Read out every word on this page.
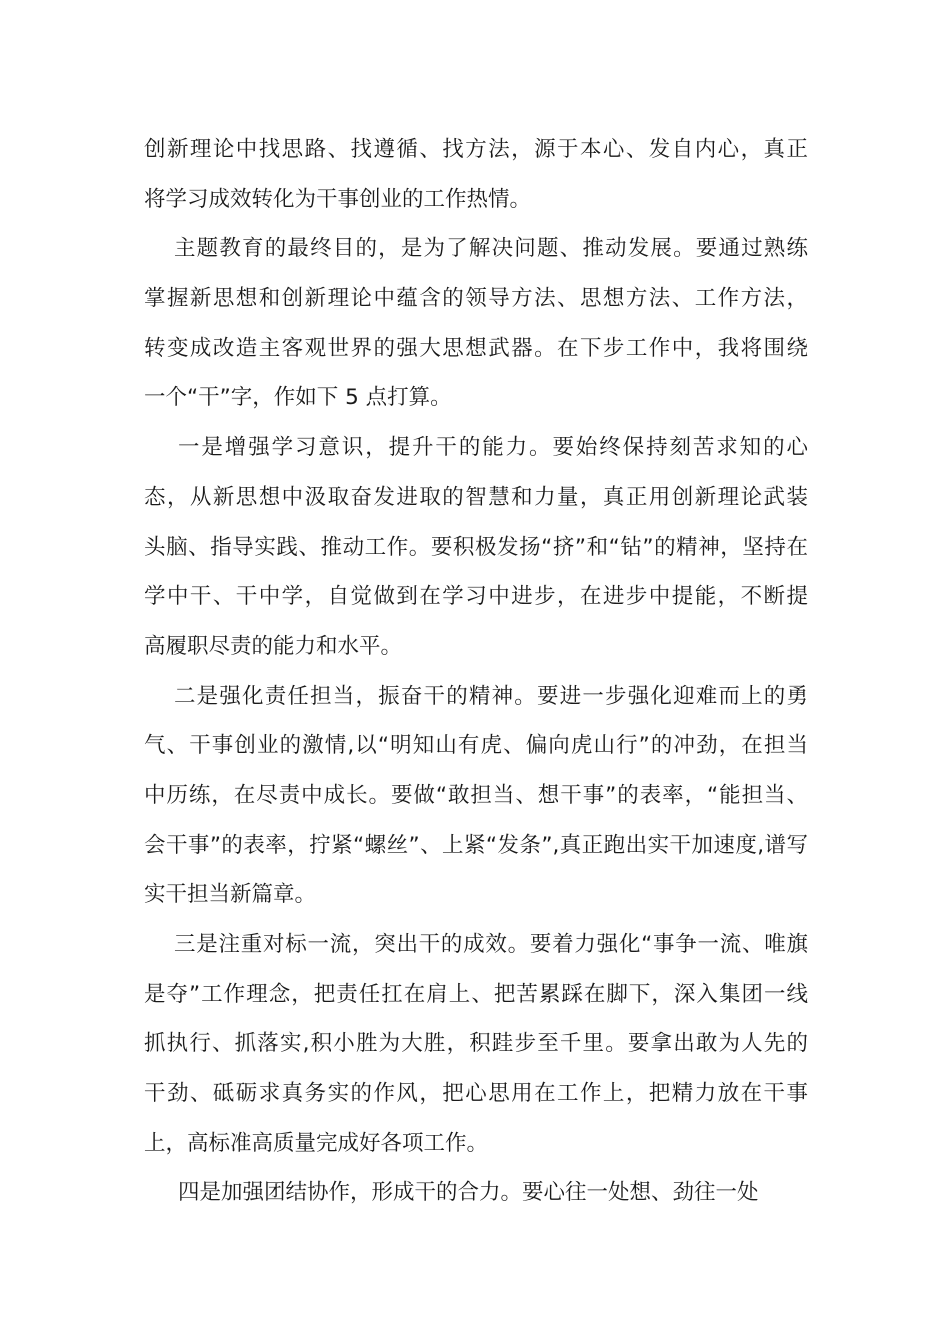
创新理论中找思路、找遵循、找方法，源于本心、发自内心，真正
将学习成效转化为干事创业的工作热情。
主题教育的最终目的，是为了解决问题、推动发展。要通过熟练
掌握新思想和创新理论中蕴含的领导方法、思想方法、工作方法，
转变成改造主客观世界的强大思想武器。在下步工作中，我将围绕
一个“干”字，作如下 5 点打算。
一是增强学习意识，提升干的能力。要始终保持刻苦求知的心
态，从新思想中汲取奋发进取的智慧和力量，真正用创新理论武装
头脑、指导实践、推动工作。要积极发扬“挤”和“钻”的精神，坚持在
学中干、干中学，自觉做到在学习中进步，在进步中提能，不断提
高履职尽责的能力和水平。
二是强化责任担当，振奋干的精神。要进一步强化迎难而上的勇
气、干事创业的激情,以“明知山有虎、偏向虎山行”的冲劲，在担当
中历练，在尽责中成长。要做“敢担当、想干事”的表率，“能担当、
会干事”的表率，拧紧“螺丝”、上紧“发条”,真正跑出实干加速度,谱写
实干担当新篇章。
三是注重对标一流，突出干的成效。要着力强化“事争一流、唯旗
是夺”工作理念，把责任扛在肩上、把苦累踩在脚下，深入集团一线
抓执行、抓落实,积小胜为大胜，积跬步至千里。要拿出敢为人先的
干劲、砥砺求真务实的作风，把心思用在工作上，把精力放在干事
上，高标准高质量完成好各项工作。
四是加强团结协作，形成干的合力。要心往一处想、劲往一处
